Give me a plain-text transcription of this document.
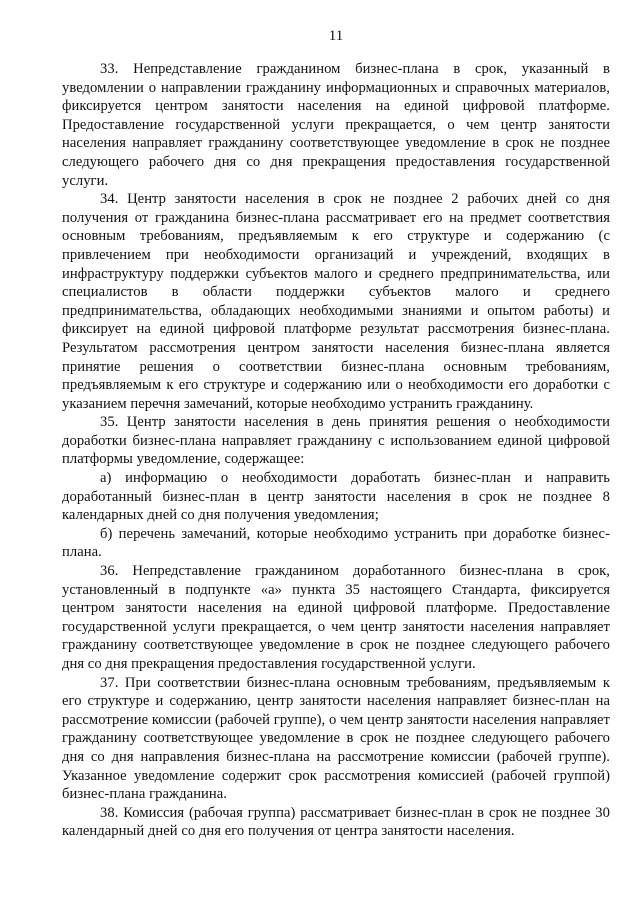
11

33. Непредставление гражданином бизнес-плана в срок, указанный в уведомлении о направлении гражданину информационных и справочных материалов, фиксируется центром занятости населения на единой цифровой платформе. Предоставление государственной услуги прекращается, о чем центр занятости населения направляет гражданину соответствующее уведомление в срок не позднее следующего рабочего дня со дня прекращения предоставления государственной услуги.

34. Центр занятости населения в срок не позднее 2 рабочих дней со дня получения от гражданина бизнес-плана рассматривает его на предмет соответствия основным требованиям, предъявляемым к его структуре и содержанию (с привлечением при необходимости организаций и учреждений, входящих в инфраструктуру поддержки субъектов малого и среднего предпринимательства, или специалистов в области поддержки субъектов малого и среднего предпринимательства, обладающих необходимыми знаниями и опытом работы) и фиксирует на единой цифровой платформе результат рассмотрения бизнес-плана. Результатом рассмотрения центром занятости населения бизнес-плана является принятие решения о соответствии бизнес-плана основным требованиям, предъявляемым к его структуре и содержанию или о необходимости его доработки с указанием перечня замечаний, которые необходимо устранить гражданину.

35. Центр занятости населения в день принятия решения о необходимости доработки бизнес-плана направляет гражданину с использованием единой цифровой платформы уведомление, содержащее:

а) информацию о необходимости доработать бизнес-план и направить доработанный бизнес-план в центр занятости населения в срок не позднее 8 календарных дней со дня получения уведомления;

б) перечень замечаний, которые необходимо устранить при доработке бизнес-плана.

36. Непредставление гражданином доработанного бизнес-плана в срок, установленный в подпункте «а» пункта 35 настоящего Стандарта, фиксируется центром занятости населения на единой цифровой платформе. Предоставление государственной услуги прекращается, о чем центр занятости населения направляет гражданину соответствующее уведомление в срок не позднее следующего рабочего дня со дня прекращения предоставления государственной услуги.

37. При соответствии бизнес-плана основным требованиям, предъявляемым к его структуре и содержанию, центр занятости населения направляет бизнес-план на рассмотрение комиссии (рабочей группе), о чем центр занятости населения направляет гражданину соответствующее уведомление в срок не позднее следующего рабочего дня со дня направления бизнес-плана на рассмотрение комиссии (рабочей группе). Указанное уведомление содержит срок рассмотрения комиссией (рабочей группой) бизнес-плана гражданина.

38. Комиссия (рабочая группа) рассматривает бизнес-план в срок не позднее 30 календарный дней со дня его получения от центра занятости населения.
